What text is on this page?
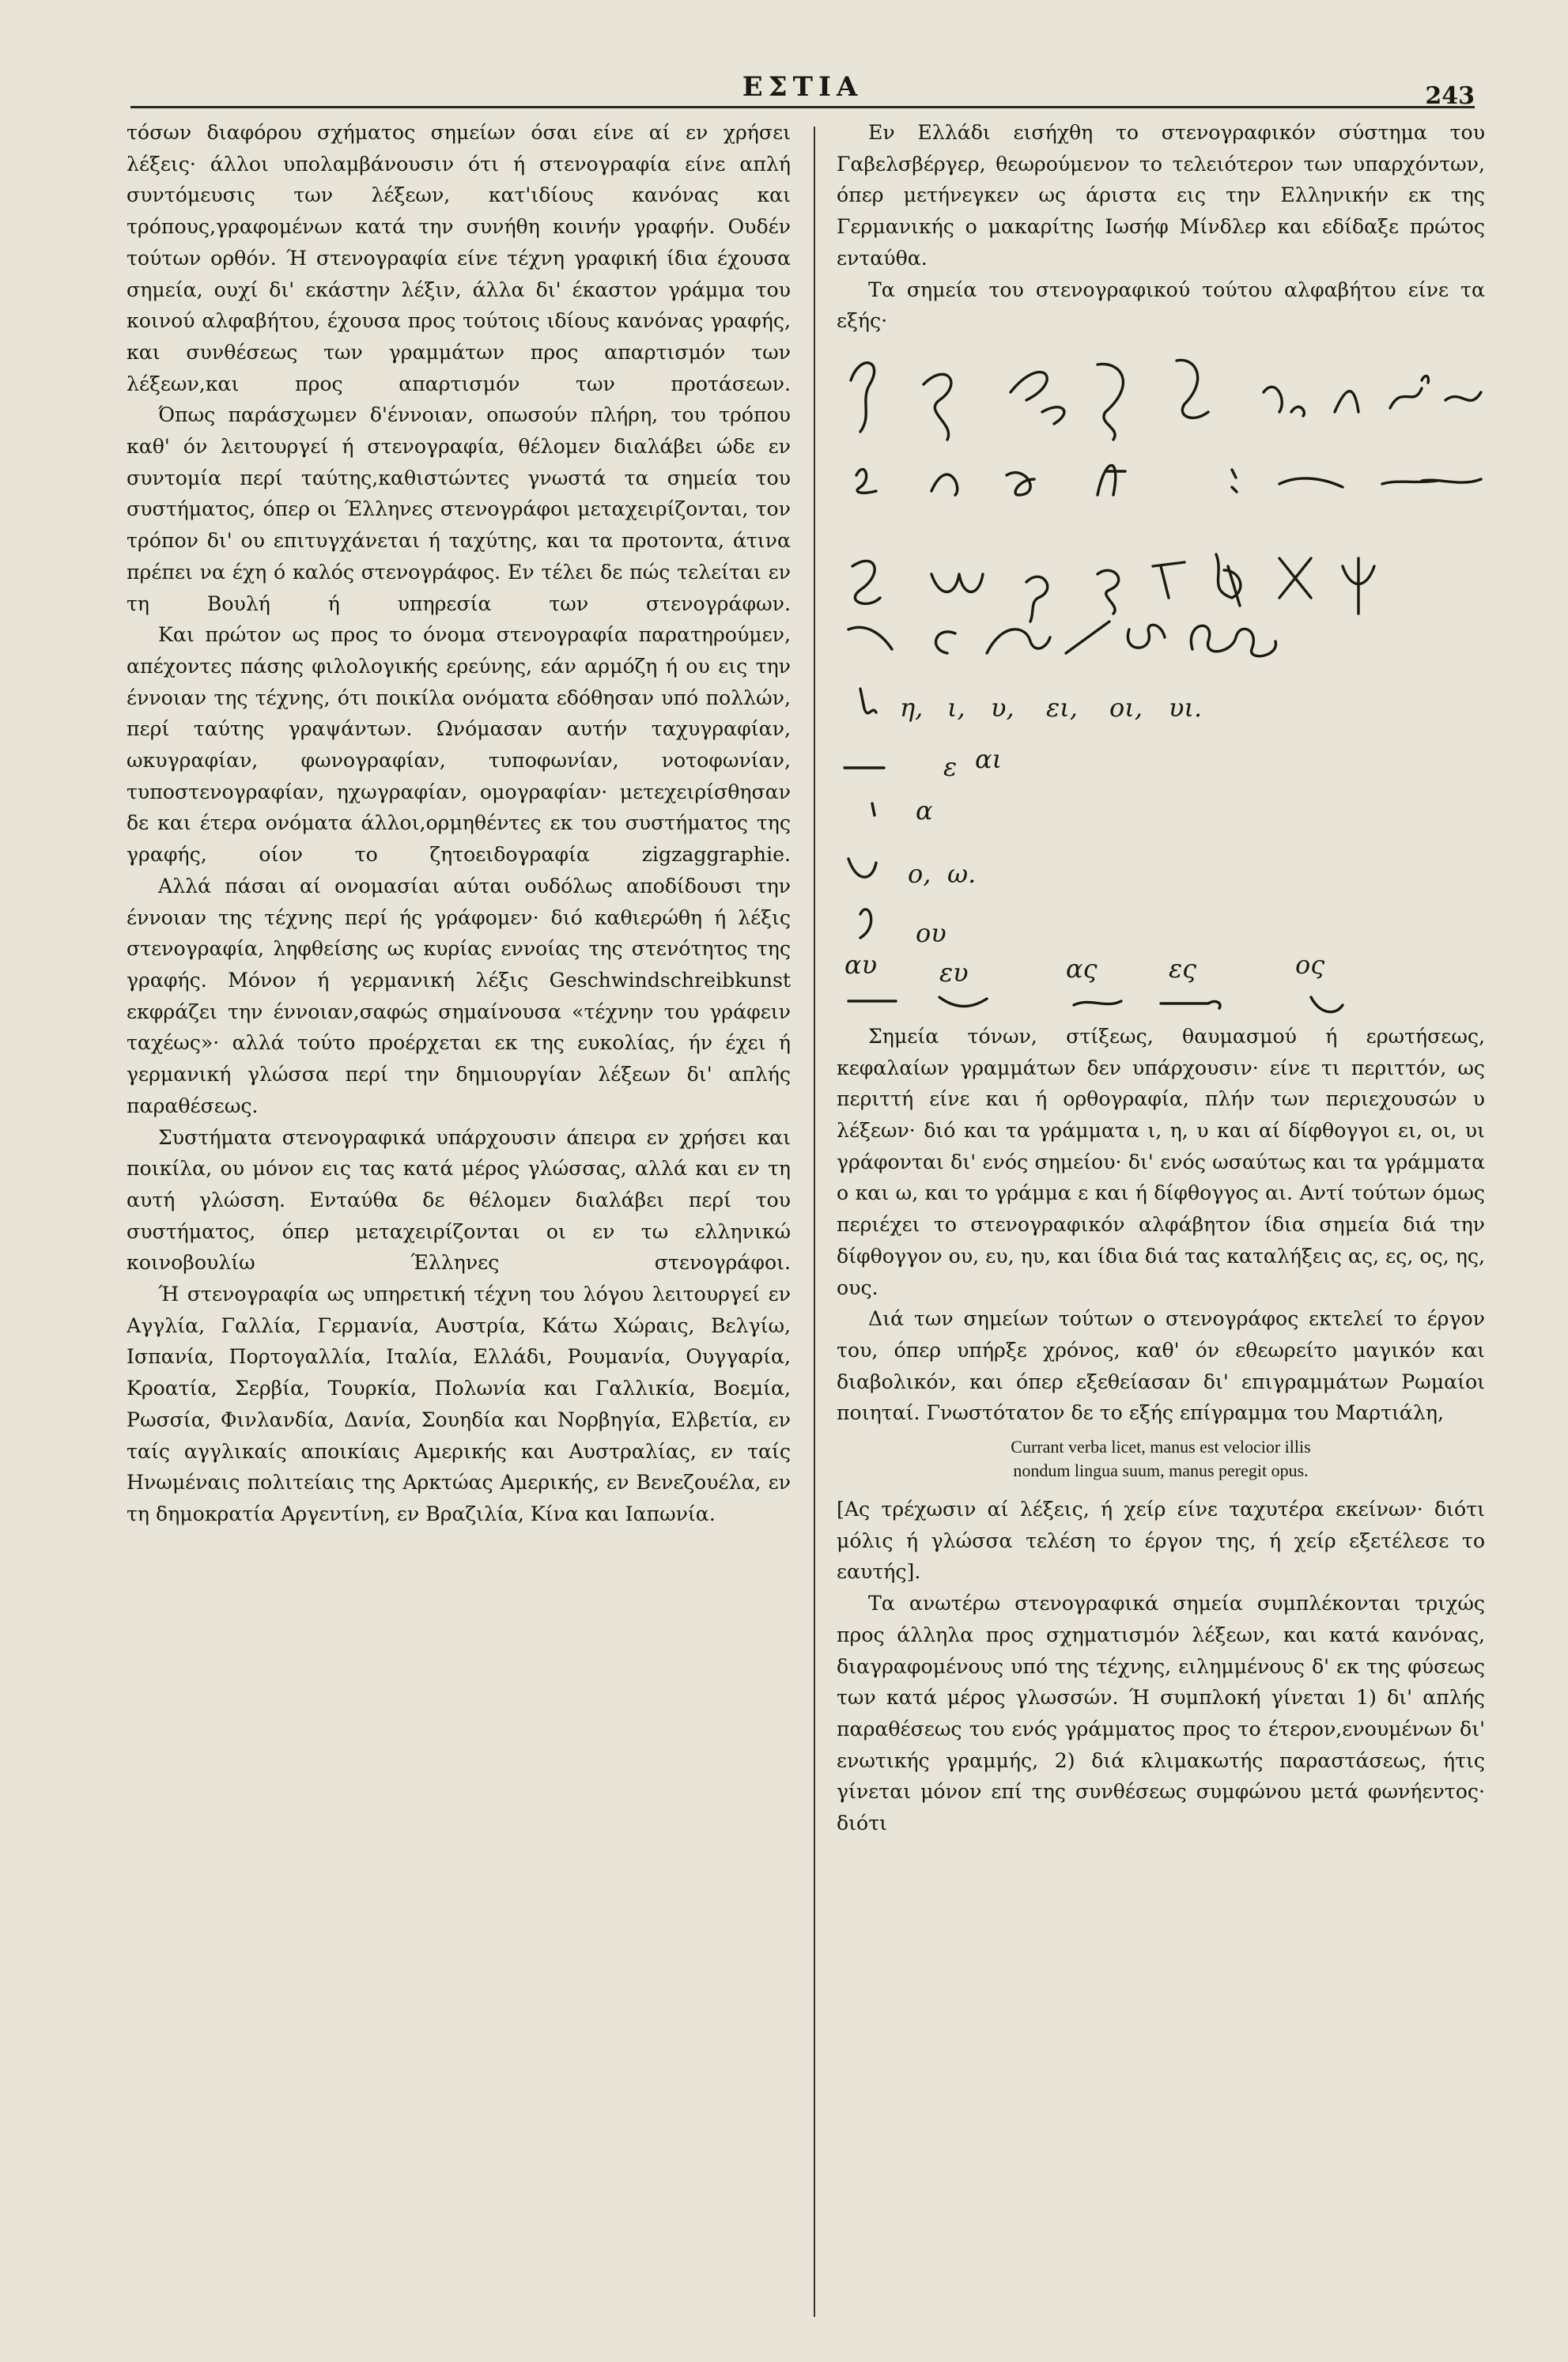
ΕΣΤΙΑ	243

τόσων διαφόρου σχήματος σημείων όσαι είνε αί εν χρήσει λέξεις· άλλοι υπολαμβάνουσιν ότι ή στενογραφία είνε απλή συντόμευσις των λέξεων, κατ'ιδίους κανόνας και τρόπους,γραφομένων κατά την συνήθη κοινήν γραφήν. Ουδέν τούτων ορθόν. Ή στενογραφία είνε τέχνη γραφική ίδια έχουσα σημεία, ουχί δι' εκάστην λέξιν, άλλα δι' έκαστον γράμμα του κοινού αλφαβήτου, έχουσα προς τούτοις ιδίους κανόνας γραφής, και συνθέσεως των γραμμάτων προς απαρτισμόν των λέξεων,και προς απαρτισμόν των προτάσεων.

Όπως παράσχωμεν δ'έννοιαν, οπωσούν πλήρη, του τρόπου καθ' όν λειτουργεί ή στενογραφία, θέλομεν διαλάβει ώδε εν συντομία περί ταύτης,καθιστώντες γνωστά τα σημεία του συστήματος, όπερ οι Έλληνες στενογράφοι μεταχειρίζονται, τον τρόπον δι' ου επιτυγχάνεται ή ταχύτης, και τα προτοντα, άτινα πρέπει να έχη ό καλός στενογράφος. Εν τέλει δε πώς τελείται εν τη Βουλή ή υπηρεσία των στενογράφων.

Και πρώτον ως προς το όνομα στενογραφία παρατηρούμεν, απέχοντες πάσης φιλολογικής ερεύνης, εάν αρμόζη ή ου εις την έννοιαν της τέχνης, ότι ποικίλα ονόματα εδόθησαν υπό πολλών, περί ταύτης γραψάντων. Ωνόμασαν αυτήν ταχυγραφίαν, ωκυγραφίαν, φωνογραφίαν, τυποφωνίαν, νοτοφωνίαν, τυποστενογραφίαν, ηχωγραφίαν, ομογραφίαν· μετεχειρίσθησαν δε και έτερα ονόματα άλλοι,ορμηθέντες εκ του συστήματος της γραφής, οίον το ζητοειδογραφία zigzaggraphie.

Αλλά πάσαι αί ονομασίαι αύται ουδόλως αποδίδουσι την έννοιαν της τέχνης περί ής γράφομεν· διό καθιερώθη ή λέξις στενογραφία, ληφθείσης ως κυρίας εννοίας της στενότητος της γραφής. Μόνον ή γερμανική λέξις Geschwindschreibkunst εκφράζει την έννοιαν,σαφώς σημαίνουσα «τέχνην του γράφειν ταχέως»· αλλά τούτο προέρχεται εκ της ευκολίας, ήν έχει ή γερμανική γλώσσα περί την δημιουργίαν λέξεων δι' απλής παραθέσεως.

Συστήματα στενογραφικά υπάρχουσιν άπειρα εν χρήσει και ποικίλα, ου μόνον εις τας κατά μέρος γλώσσας, αλλά και εν τη αυτή γλώσση. Ενταύθα δε θέλομεν διαλάβει περί του συστήματος, όπερ μεταχειρίζονται οι εν τω ελληνικώ κοινοβουλίω Έλληνες στενογράφοι.

Ή στενογραφία ως υπηρετική τέχνη του λόγου λειτουργεί εν Αγγλία, Γαλλία, Γερμανία, Αυστρία, Κάτω Χώραις, Βελγίω, Ισπανία, Πορτογαλλία, Ιταλία, Ελλάδι, Ρουμανία, Ουγγαρία, Κροατία, Σερβία, Τουρκία, Πολωνία και Γαλλικία, Βοεμία, Ρωσσία, Φινλανδία, Δανία, Σουηδία και Νορβηγία, Ελβετία, εν ταίς αγγλικαίς αποικίαις Αμερικής και Αυστραλίας, εν ταίς Ηνωμέναις πολιτείαις της Αρκτώας Αμερικής, εν Βενεζουέλα, εν τη δημοκρατία Αργεντίνη, εν Βραζιλία, Κίνα και Ιαπωνία.

Εν Ελλάδι εισήχθη το στενογραφικόν σύστημα του Γαβελσβέργερ, θεωρούμενον το τελειότερον των υπαρχόντων, όπερ μετήνεγκεν ως άριστα εις την Ελληνικήν εκ της Γερμανικής ο μακαρίτης Ιωσήφ Μίνδλερ και εδίδαξε πρώτος ενταύθα.

Τα σημεία του στενογραφικού τούτου αλφαβήτου είνε τα εξής·

η, ι, υ, ει, οι, υι.
ε αι
α
ο, ω.
ου
αυ ευ	ας	ες	ος

Σημεία τόνων, στίξεως, θαυμασμού ή ερωτήσεως, κεφαλαίων γραμμάτων δεν υπάρχουσιν· είνε τι περιττόν, ως περιττή είνε και ή ορθογραφία, πλήν των περιεχουσών υ λέξεων· διό και τα γράμματα ι, η, υ και αί δίφθογγοι ει, οι, υι γράφονται δι' ενός σημείου· δι' ενός ωσαύτως και τα γράμματα ο και ω, και το γράμμα ε και ή δίφθογγος αι. Αντί τούτων όμως περιέχει το στενογραφικόν αλφάβητον ίδια σημεία διά την δίφθογγον ου, ευ, ηυ, και ίδια διά τας καταλήξεις ας, ες, ος, ης, ους.

Διά των σημείων τούτων ο στενογράφος εκτελεί το έργον του, όπερ υπήρξε χρόνος, καθ' όν εθεωρείτο μαγικόν και διαβολικόν, και όπερ εξεθείασαν δι' επιγραμμάτων Ρωμαίοι ποιηταί. Γνωστότατον δε το εξής επίγραμμα του Μαρτιάλη,

Currant verba licet, manus est velocior illis
nondum lingua suum, manus peregit opus.

[Ας τρέχωσιν αί λέξεις, ή χείρ είνε ταχυτέρα εκείνων· διότι μόλις ή γλώσσα τελέση το έργον της, ή χείρ εξετέλεσε το εαυτής].

Τα ανωτέρω στενογραφικά σημεία συμπλέκονται τριχώς προς άλληλα προς σχηματισμόν λέξεων, και κατά κανόνας, διαγραφομένους υπό της τέχνης, ειλημμένους δ' εκ της φύσεως των κατά μέρος γλωσσών. Ή συμπλοκή γίνεται 1) δι' απλής παραθέσεως του ενός γράμματος προς το έτερον,ενουμένων δι' ενωτικής γραμμής, 2) διά κλιμακωτής παραστάσεως, ήτις γίνεται μόνον επί της συνθέσεως συμφώνου μετά φωνήεντος· διότι
